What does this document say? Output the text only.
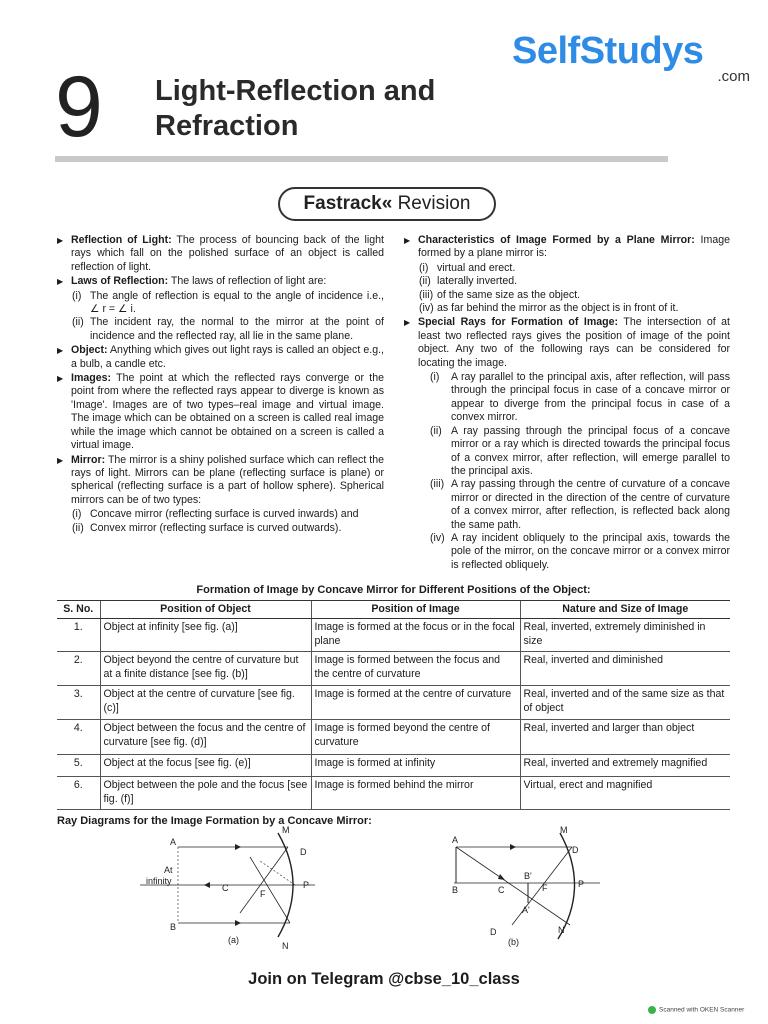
9 Light-Reflection and
Refraction
SelfStudys
.com
Fastrack« Revision
▶ Reflection of Light: The process of bouncing back of the light rays which fall on the polished surface of an object is called reflection of light.
▶ Laws of Reflection: The laws of reflection of light are:
(i) The angle of reflection is equal to the angle of incidence i.e., ∠ r = ∠ i.
(ii) The incident ray, the normal to the mirror at the point of incidence and the reflected ray, all lie in the same plane.
▶ Object: Anything which gives out light rays is called an object e.g., a bulb, a candle etc.
▶ Images: The point at which the reflected rays converge or the point from where the reflected rays appear to diverge is known as 'Image'. Images are of two types–real image and virtual image. The image which can be obtained on a screen is called real image while the image which cannot be obtained on a screen is called a virtual image.
▶ Mirror: The mirror is a shiny polished surface which can reflect the rays of light. Mirrors can be plane (reflecting surface is plane) or spherical (reflecting surface is a part of hollow sphere). Spherical mirrors can be of two types:
(i) Concave mirror (reflecting surface is curved inwards) and
(ii) Convex mirror (reflecting surface is curved outwards).
▶ Characteristics of Image Formed by a Plane Mirror: Image formed by a plane mirror is:
(i) virtual and erect.
(ii) laterally inverted.
(iii) of the same size as the object.
(iv) as far behind the mirror as the object is in front of it.
▶ Special Rays for Formation of Image: The intersection of at least two reflected rays gives the position of image of the point object. Any two of the following rays can be considered for locating the image.
(i) A ray parallel to the principal axis, after reflection, will pass through the principal focus in case of a concave mirror or appear to diverge from the principal focus in case of a convex mirror.
(ii) A ray passing through the principal focus of a concave mirror or a ray which is directed towards the principal focus of a convex mirror, after reflection, will emerge parallel to the principal axis.
(iii) A ray passing through the centre of curvature of a concave mirror or directed in the direction of the centre of curvature of a convex mirror, after reflection, is reflected back along the same path.
(iv) A ray incident obliquely to the principal axis, towards the pole of the mirror, on the concave mirror or a convex mirror is reflected obliquely.
Formation of Image by Concave Mirror for Different Positions of the Object:
S. No.	Position of Object	Position of Image	Nature and Size of Image
1.	Object at infinity [see fig. (a)]	Image is formed at the focus or in the focal plane	Real, inverted, extremely diminished in size
2.	Object beyond the centre of curvature but at a finite distance [see fig. (b)]	Image is formed between the focus and the centre of curvature	Real, inverted and diminished
3.	Object at the centre of curvature [see fig. (c)]	Image is formed at the centre of curvature	Real, inverted and of the same size as that of object
4.	Object between the focus and the centre of curvature [see fig. (d)]	Image is formed beyond the centre of curvature	Real, inverted and larger than object
5.	Object at the focus [see fig. (e)]	Image is formed at infinity	Real, inverted and extremely magnified
6.	Object between the pole and the focus [see fig. (f)]	Image is formed behind the mirror	Virtual, erect and magnified
Ray Diagrams for the Image Formation by a Concave Mirror:
A
B
At
infinity
C
F
P
M
N
D
(a)
A
B	C	F
B'
A'
P
M
N
D
D
(b)
Join on Telegram @cbse_10_class
Scanned with OKEN Scanner
